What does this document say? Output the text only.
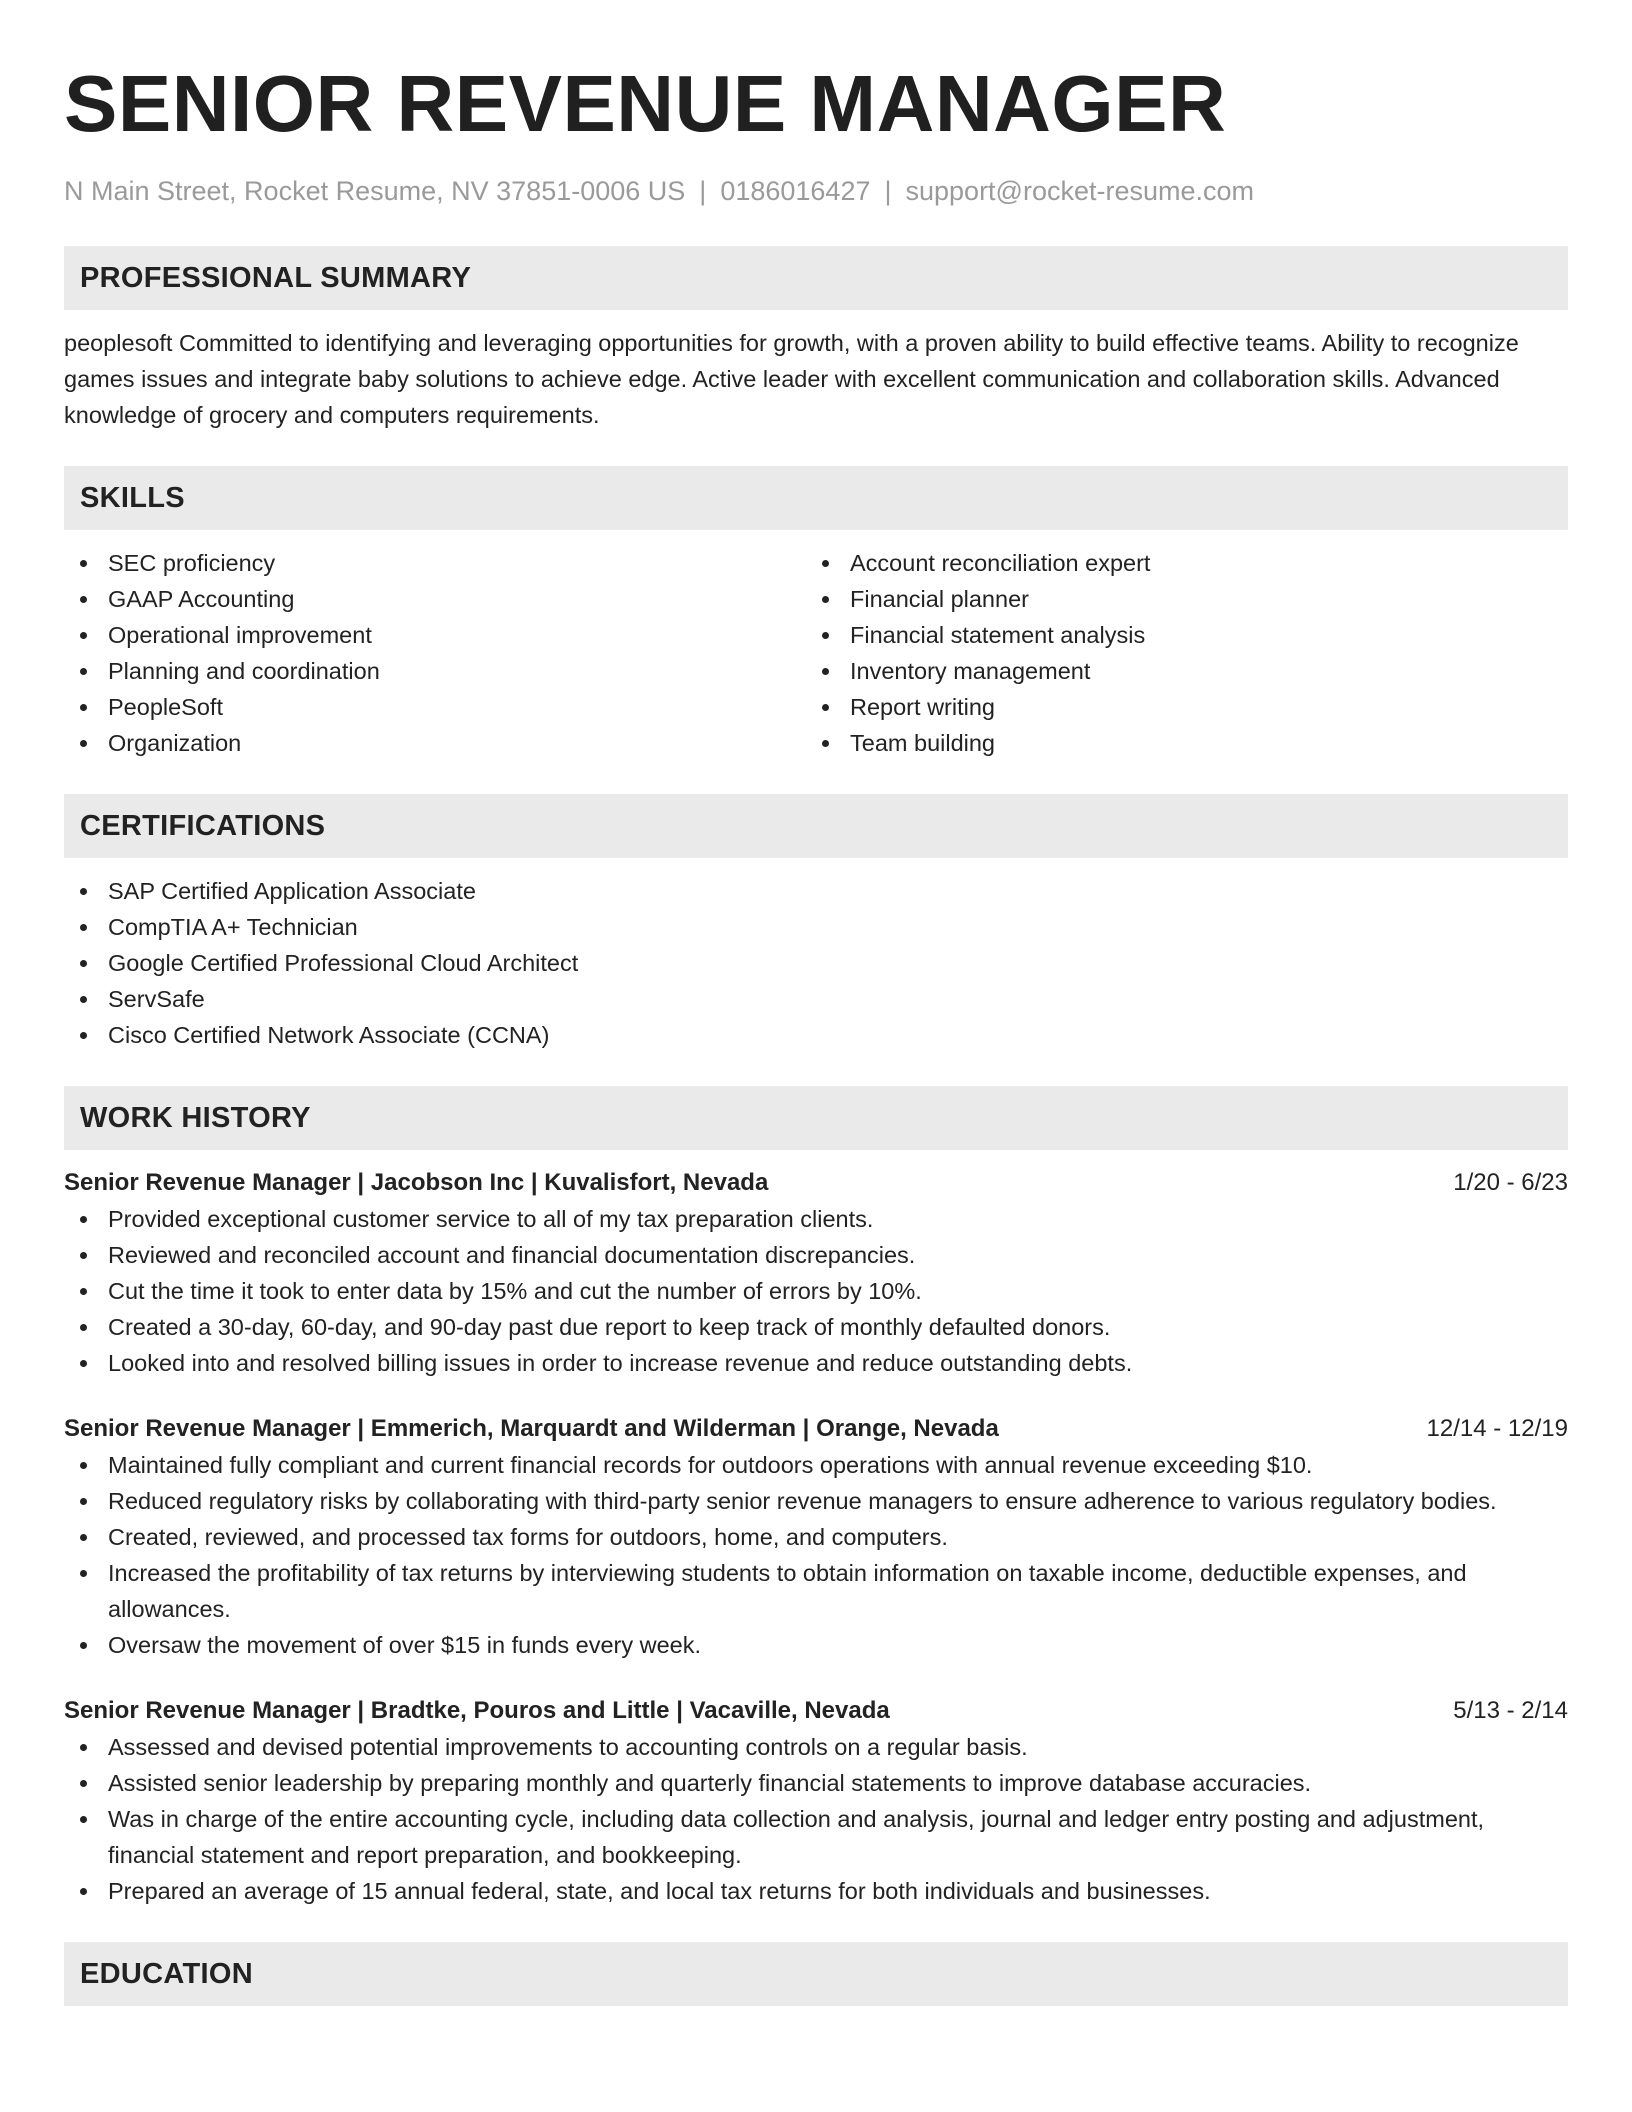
SENIOR REVENUE MANAGER
N Main Street, Rocket Resume, NV 37851-0006 US | 0186016427 | support@rocket-resume.com
PROFESSIONAL SUMMARY
peoplesoft Committed to identifying and leveraging opportunities for growth, with a proven ability to build effective teams. Ability to recognize games issues and integrate baby solutions to achieve edge. Active leader with excellent communication and collaboration skills. Advanced knowledge of grocery and computers requirements.
SKILLS
SEC proficiency
GAAP Accounting
Operational improvement
Planning and coordination
PeopleSoft
Organization
Account reconciliation expert
Financial planner
Financial statement analysis
Inventory management
Report writing
Team building
CERTIFICATIONS
SAP Certified Application Associate
CompTIA A+ Technician
Google Certified Professional Cloud Architect
ServSafe
Cisco Certified Network Associate (CCNA)
WORK HISTORY
Senior Revenue Manager | Jacobson Inc | Kuvalisfort, Nevada	1/20 - 6/23
Provided exceptional customer service to all of my tax preparation clients.
Reviewed and reconciled account and financial documentation discrepancies.
Cut the time it took to enter data by 15% and cut the number of errors by 10%.
Created a 30-day, 60-day, and 90-day past due report to keep track of monthly defaulted donors.
Looked into and resolved billing issues in order to increase revenue and reduce outstanding debts.
Senior Revenue Manager | Emmerich, Marquardt and Wilderman | Orange, Nevada	12/14 - 12/19
Maintained fully compliant and current financial records for outdoors operations with annual revenue exceeding $10.
Reduced regulatory risks by collaborating with third-party senior revenue managers to ensure adherence to various regulatory bodies.
Created, reviewed, and processed tax forms for outdoors, home, and computers.
Increased the profitability of tax returns by interviewing students to obtain information on taxable income, deductible expenses, and allowances.
Oversaw the movement of over $15 in funds every week.
Senior Revenue Manager | Bradtke, Pouros and Little | Vacaville, Nevada	5/13 - 2/14
Assessed and devised potential improvements to accounting controls on a regular basis.
Assisted senior leadership by preparing monthly and quarterly financial statements to improve database accuracies.
Was in charge of the entire accounting cycle, including data collection and analysis, journal and ledger entry posting and adjustment, financial statement and report preparation, and bookkeeping.
Prepared an average of 15 annual federal, state, and local tax returns for both individuals and businesses.
EDUCATION
